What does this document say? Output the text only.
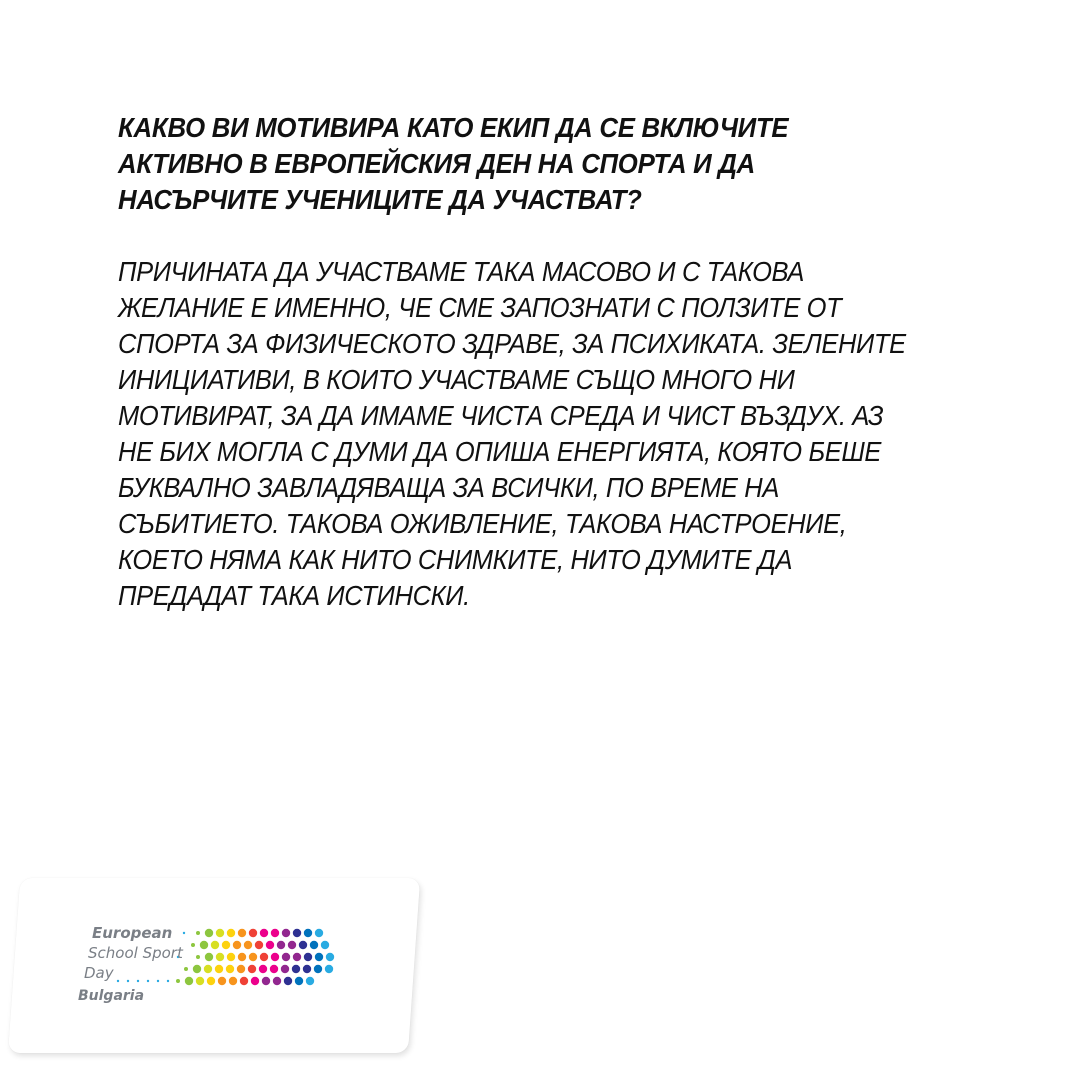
КАКВО ВИ МОТИВИРА КАТО ЕКИП ДА СЕ ВКЛЮЧИТЕ
АКТИВНО В ЕВРОПЕЙСКИЯ ДЕН НА СПОРТА И ДА
НАСЪРЧИТЕ УЧЕНИЦИТЕ ДА УЧАСТВАТ?

ПРИЧИНАТА ДА УЧАСТВАМЕ ТАКА МАСОВО И С ТАКОВА
ЖЕЛАНИЕ Е ИМЕННО, ЧЕ СМЕ ЗАПОЗНАТИ С ПОЛЗИТЕ ОТ
СПОРТА ЗА ФИЗИЧЕСКОТО ЗДРАВЕ, ЗА ПСИХИКАТА. ЗЕЛЕНИТЕ
ИНИЦИАТИВИ, В КОИТО УЧАСТВАМЕ СЪЩО МНОГО НИ
МОТИВИРАТ, ЗА ДА ИМАМЕ ЧИСТА СРЕДА И ЧИСТ ВЪЗДУХ. АЗ
НЕ БИХ МОГЛА С ДУМИ ДА ОПИША ЕНЕРГИЯТА, КОЯТО БЕШЕ
БУКВАЛНО ЗАВЛАДЯВАЩА ЗА ВСИЧКИ, ПО ВРЕМЕ НА
СЪБИТИЕТО. ТАКОВА ОЖИВЛЕНИЕ, ТАКОВА НАСТРОЕНИЕ,
КОЕТО НЯМА КАК НИТО СНИМКИТЕ, НИТО ДУМИТЕ ДА
ПРЕДАДАТ ТАКА ИСТИНСКИ.

European
School Sport
Day
Bulgaria
